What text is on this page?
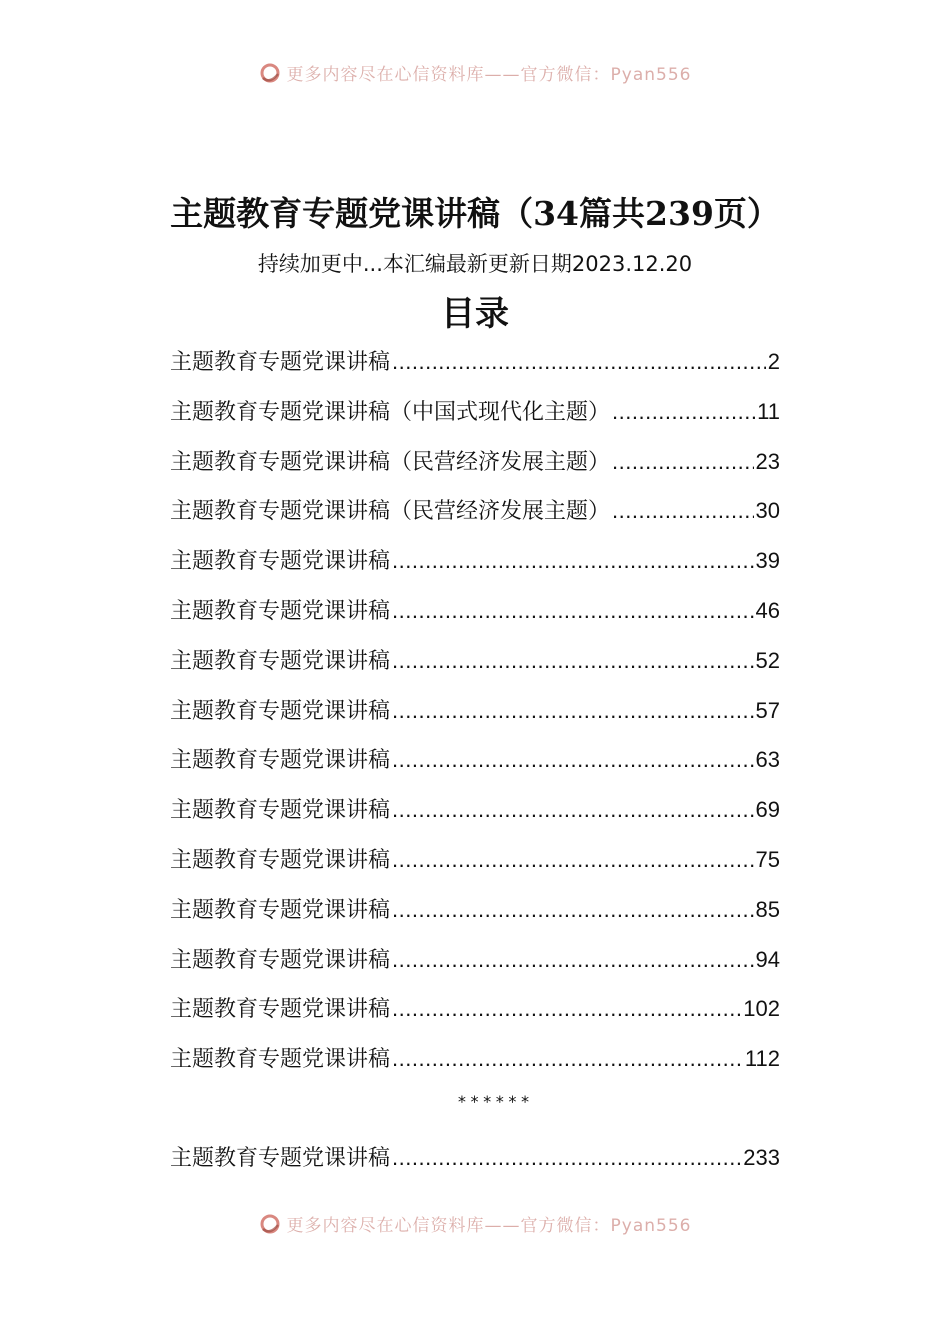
更多内容尽在心信资料库——官方微信：Pyan556
主题教育专题党课讲稿（34篇共239页）
持续加更中...本汇编最新更新日期2023.12.20
目录
主题教育专题党课讲稿 .....	2
主题教育专题党课讲稿（中国式现代化主题） .....	11
主题教育专题党课讲稿（民营经济发展主题） .....	23
主题教育专题党课讲稿（民营经济发展主题） .....	30
主题教育专题党课讲稿 .....	39
主题教育专题党课讲稿 .....	46
主题教育专题党课讲稿 .....	52
主题教育专题党课讲稿 .....	57
主题教育专题党课讲稿 .....	63
主题教育专题党课讲稿 .....	69
主题教育专题党课讲稿 .....	75
主题教育专题党课讲稿 .....	85
主题教育专题党课讲稿 .....	94
主题教育专题党课讲稿 .....	102
主题教育专题党课讲稿 .....	112
******
主题教育专题党课讲稿 .....	233
更多内容尽在心信资料库——官方微信：Pyan556
